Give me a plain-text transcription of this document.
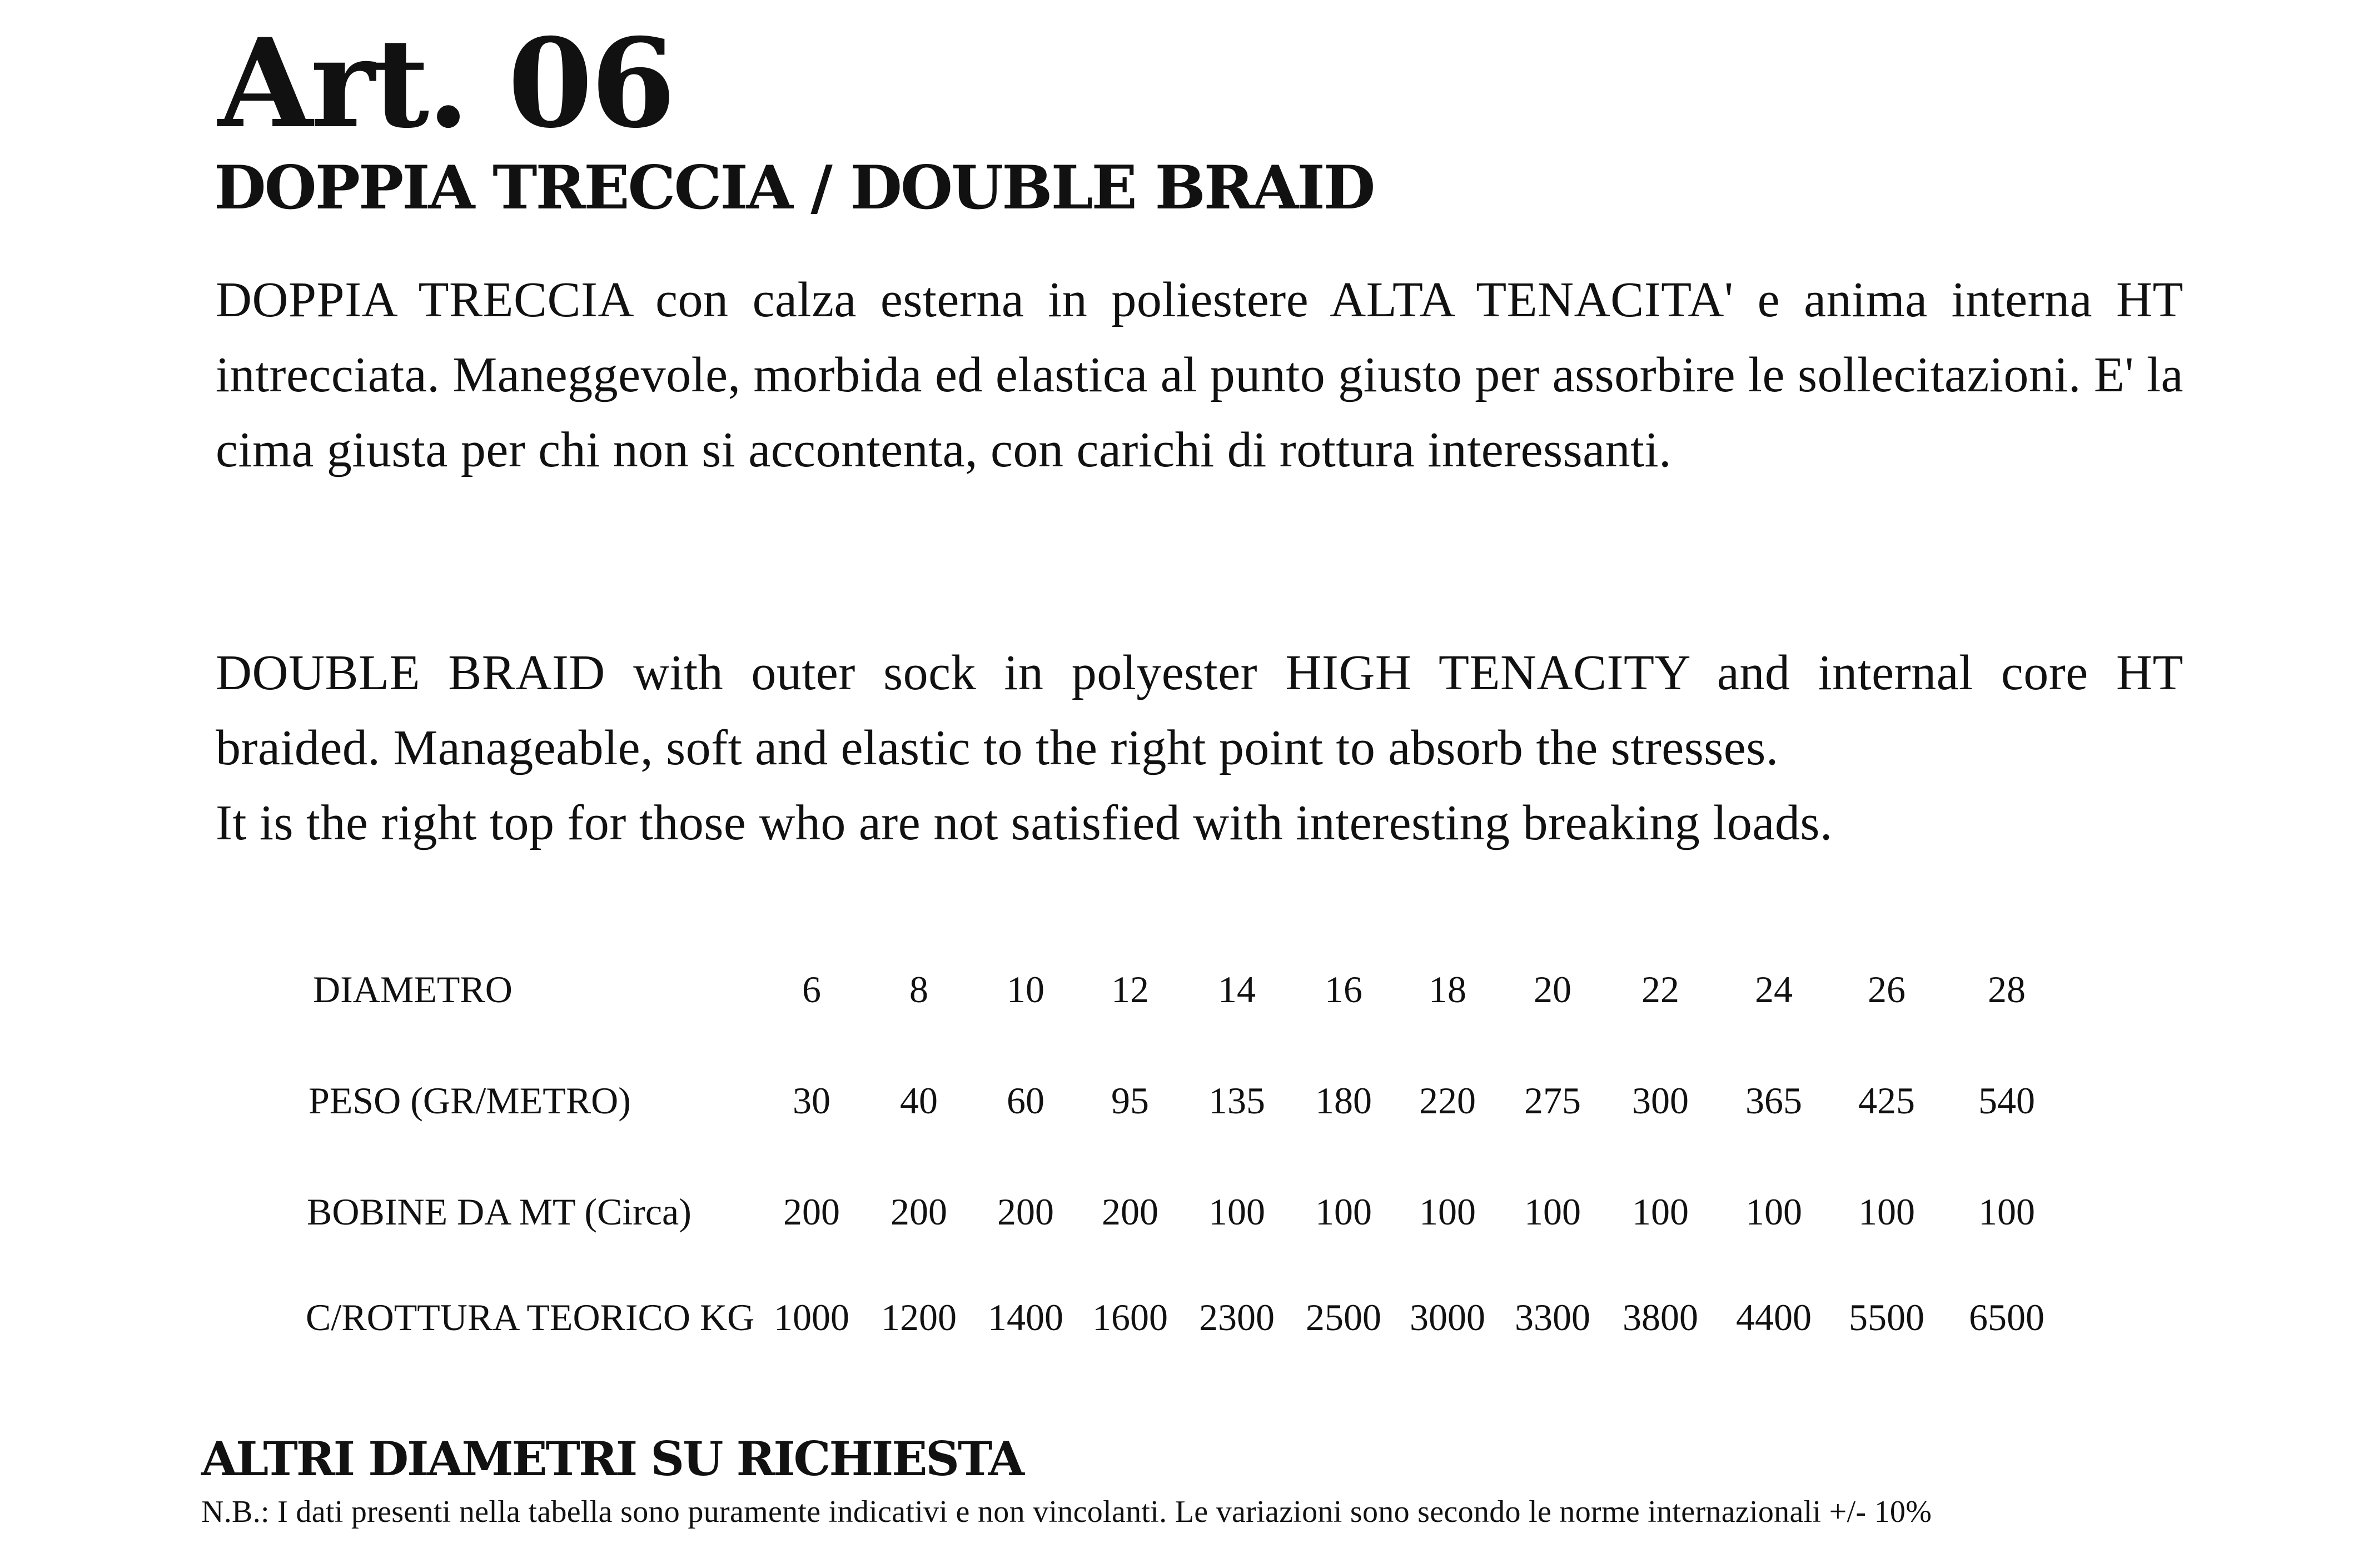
Art. 06
DOPPIA TRECCIA / DOUBLE BRAID

DOPPIA TRECCIA con calza esterna in poliestere ALTA TENACITA' e anima interna HT intrecciata. Maneggevole, morbida ed elastica al punto giusto per assorbire le sollecitazioni. E' la cima giusta per chi non si accontenta, con carichi di rottura interessanti.

DOUBLE BRAID with outer sock in polyester HIGH TENACITY and internal core HT
braided. Manageable, soft and elastic to the right point to absorb the stresses.
It is the right top for those who are not satisfied with interesting breaking loads.

DIAMETRO	6 8 10 12 14 16 18 20 22 24 26 28
PESO (GR/METRO)	30 40 60 95 135 180 220 275 300 365 425 540
BOBINE DA MT (Circa) 200 200 200 200 100 100 100 100 100 100 100 100
C/ROTTURA TEORICO KG 1000 1200 1400 1600 2300 2500 3000 3300 3800 4400 5500 6500
ALTRI DIAMETRI SU RICHIESTA

N.B.: I dati presenti nella tabella sono puramente indicativi e non vincolanti. Le variazioni sono secondo le norme internazionali +/- 10%
